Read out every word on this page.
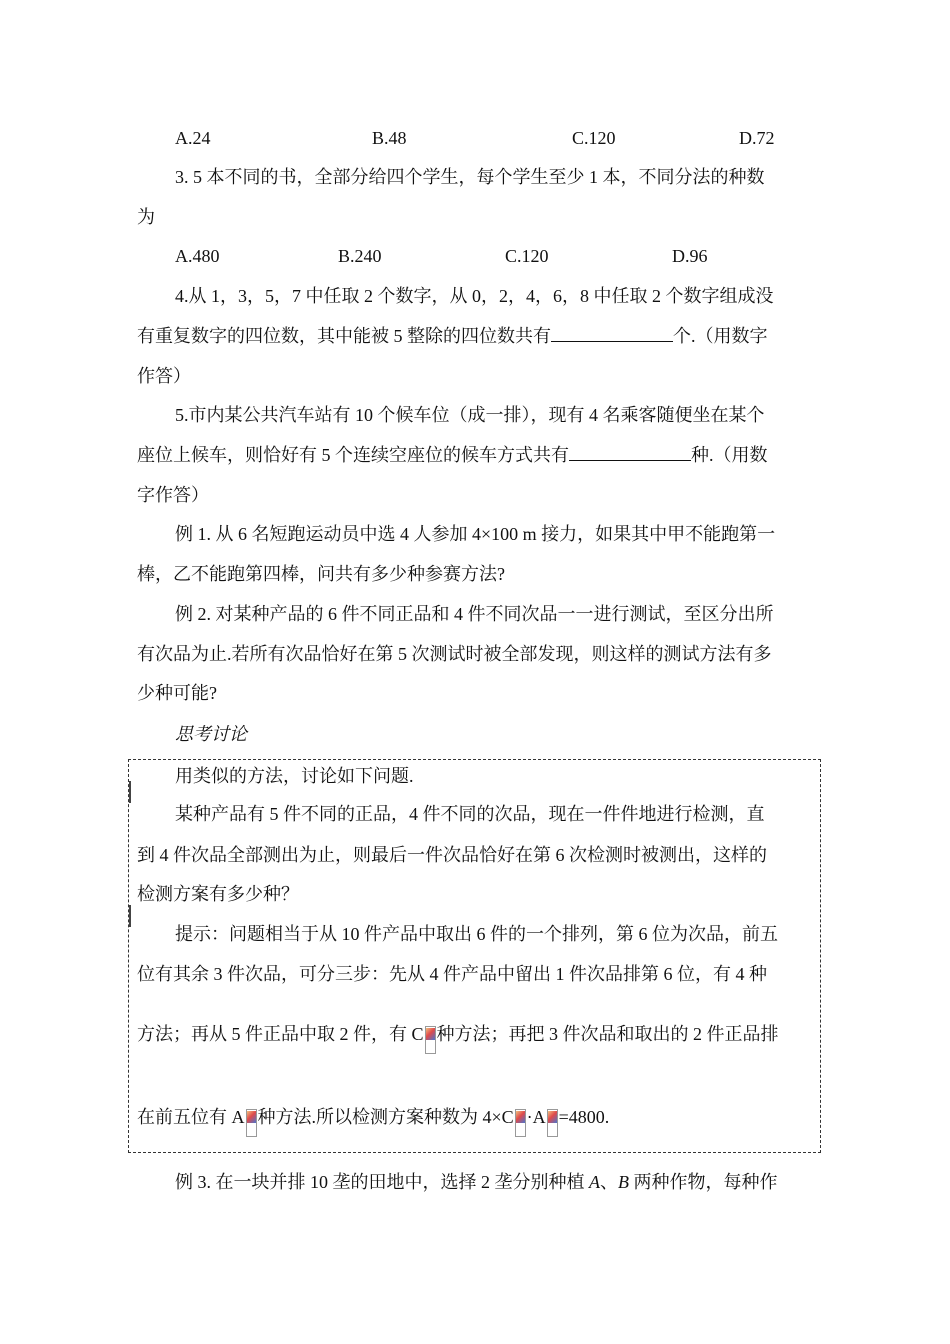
A.24	B.48	C.120	D.72
3. 5 本不同的书，全部分给四个学生，每个学生至少 1 本，不同分法的种数
为
A.480	B.240	C.120	D.96
4.从 1，3，5，7 中任取 2 个数字，从 0，2，4，6，8 中任取 2 个数字组成没
有重复数字的四位数，其中能被 5 整除的四位数共有	个.（用数字
作答）
5.市内某公共汽车站有 10 个候车位（成一排），现有 4 名乘客随便坐在某个
座位上候车，则恰好有 5 个连续空座位的候车方式共有	种.（用数
字作答）
例 1. 从 6 名短跑运动员中选 4 人参加 4×100 m 接力，如果其中甲不能跑第一
棒，乙不能跑第四棒，问共有多少种参赛方法?
例 2. 对某种产品的 6 件不同正品和 4 件不同次品一一进行测试，至区分出所
有次品为止.若所有次品恰好在第 5 次测试时被全部发现，则这样的测试方法有多
少种可能?
思考讨论
用类似的方法，讨论如下问题.
某种产品有 5 件不同的正品，4 件不同的次品，现在一件件地进行检测，直
到 4 件次品全部测出为止，则最后一件次品恰好在第 6 次检测时被测出，这样的
检测方案有多少种？
提示：问题相当于从 10 件产品中取出 6 件的一个排列，第 6 位为次品，前五
位有其余 3 件次品，可分三步：先从 4 件产品中留出 1 件次品排第 6 位，有 4 种
方法；再从 5 件正品中取 2 件，有 C 种方法；再把 3 件次品和取出的 2 件正品排
在前五位有 A 种方法.所以检测方案种数为 4×C ·A =4800.
例 3. 在一块并排 10 垄的田地中，选择 2 垄分别种植 A、B 两种作物，每种作
